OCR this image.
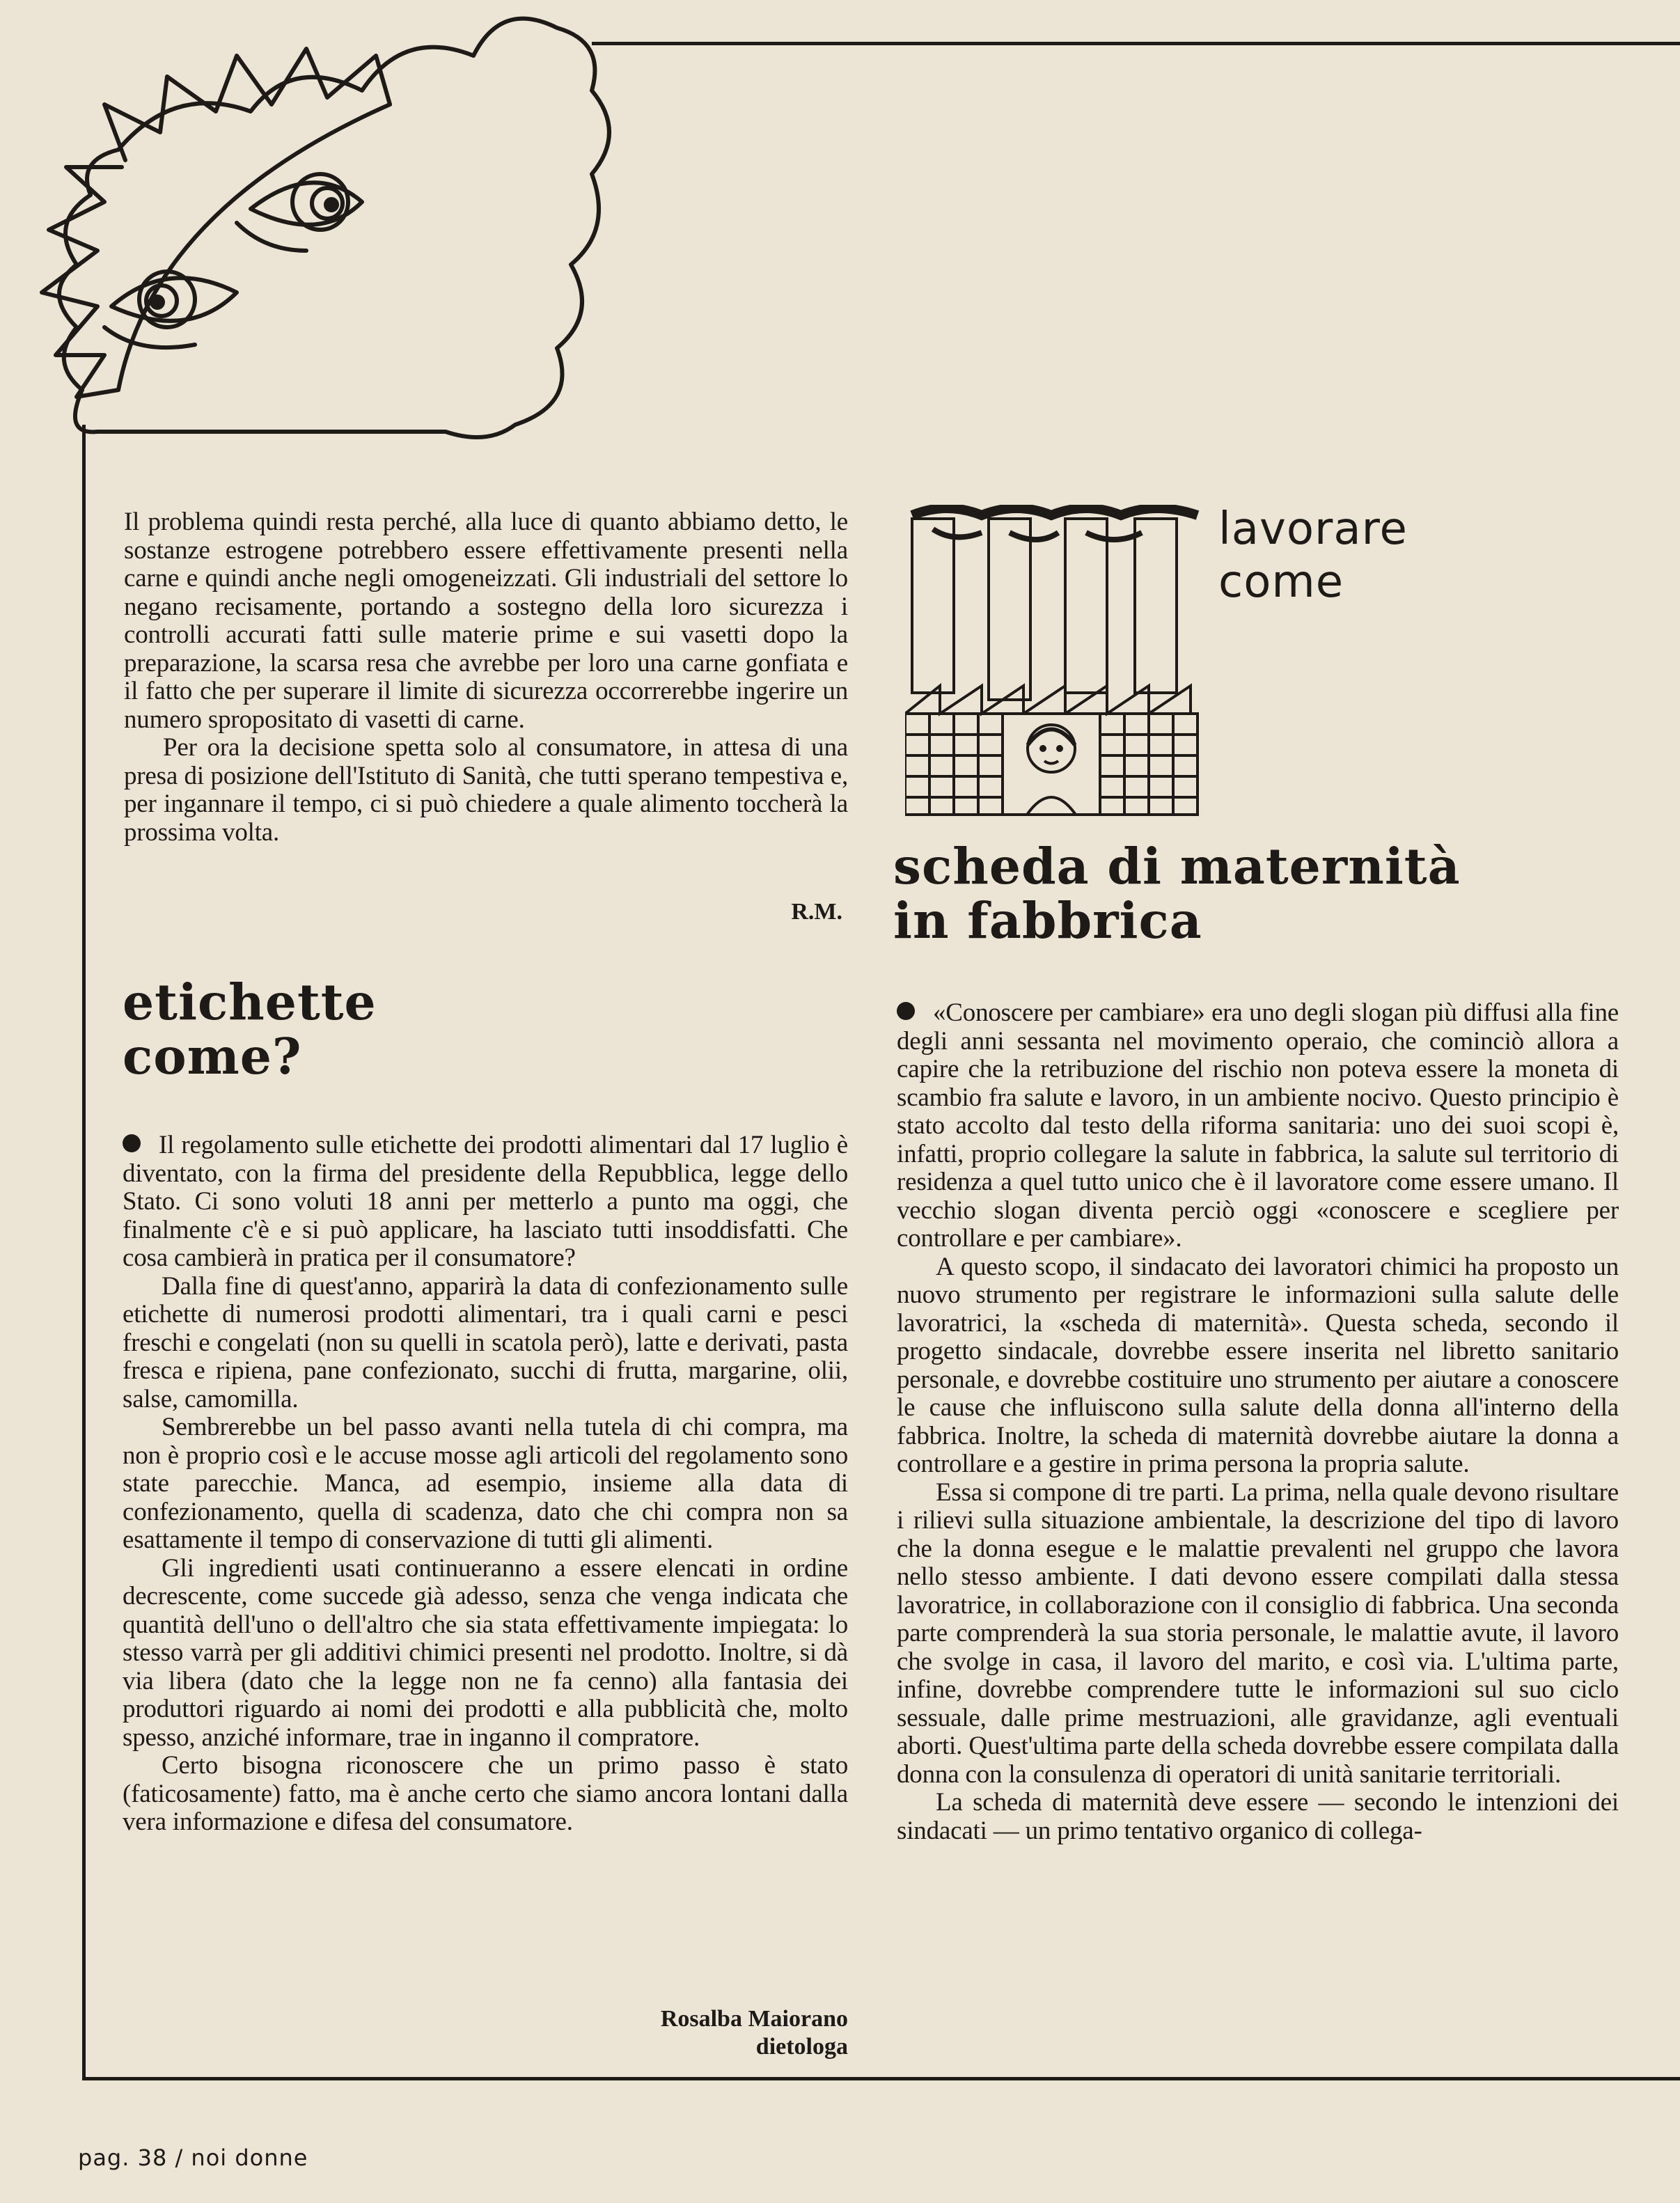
Il problema quindi resta perché, alla luce di quanto abbiamo detto, le sostanze estrogene potrebbero essere effettivamente presenti nella carne e quindi anche negli omogeneizzati. Gli industriali del settore lo negano recisamente, portando a sostegno della loro sicurezza i controlli accurati fatti sulle materie prime e sui vasetti dopo la preparazione, la scarsa resa che avrebbe per loro una carne gonfiata e il fatto che per superare il limite di sicurezza occorrerebbe ingerire un numero spropositato di vasetti di carne.

Per ora la decisione spetta solo al consumatore, in attesa di una presa di posizione dell'Istituto di Sanità, che tutti sperano tempestiva e, per ingannare il tempo, ci si può chiedere a quale alimento toccherà la prossima volta.

R.M.
etichette
come?

Il regolamento sulle etichette dei prodotti alimentari dal 17 luglio è diventato, con la firma del presidente della Repubblica, legge dello Stato. Ci sono voluti 18 anni per metterlo a punto ma oggi, che finalmente c'è e si può applicare, ha lasciato tutti insoddisfatti. Che cosa cambierà in pratica per il consumatore?

Dalla fine di quest'anno, apparirà la data di confezionamento sulle etichette di numerosi prodotti alimentari, tra i quali carni e pesci freschi e congelati (non su quelli in scatola però), latte e derivati, pasta fresca e ripiena, pane confezionato, succhi di frutta, margarine, olii, salse, camomilla.

Sembrerebbe un bel passo avanti nella tutela di chi compra, ma non è proprio così e le accuse mosse agli articoli del regolamento sono state parecchie. Manca, ad esempio, insieme alla data di confezionamento, quella di scadenza, dato che chi compra non sa esattamente il tempo di conservazione di tutti gli alimenti.

Gli ingredienti usati continueranno a essere elencati in ordine decrescente, come succede già adesso, senza che venga indicata che quantità dell'uno o dell'altro che sia stata effettivamente impiegata: lo stesso varrà per gli additivi chimici presenti nel prodotto. Inoltre, si dà via libera (dato che la legge non ne fa cenno) alla fantasia dei produttori riguardo ai nomi dei prodotti e alla pubblicità che, molto spesso, anziché informare, trae in inganno il compratore.

Certo bisogna riconoscere che un primo passo è stato (faticosamente) fatto, ma è anche certo che siamo ancora lontani dalla vera informazione e difesa del consumatore.

Rosalba Maiorano
dietologa
lavorare
come
scheda di maternità
in fabbrica

«Conoscere per cambiare» era uno degli slogan più diffusi alla fine degli anni sessanta nel movimento operaio, che cominciò allora a capire che la retribuzione del rischio non poteva essere la moneta di scambio fra salute e lavoro, in un ambiente nocivo. Questo principio è stato accolto dal testo della riforma sanitaria: uno dei suoi scopi è, infatti, proprio collegare la salute in fabbrica, la salute sul territorio di residenza a quel tutto unico che è il lavoratore come essere umano. Il vecchio slogan diventa perciò oggi «conoscere e scegliere per controllare e per cambiare».

A questo scopo, il sindacato dei lavoratori chimici ha proposto un nuovo strumento per registrare le informazioni sulla salute delle lavoratrici, la «scheda di maternità». Questa scheda, secondo il progetto sindacale, dovrebbe essere inserita nel libretto sanitario personale, e dovrebbe costituire uno strumento per aiutare a conoscere le cause che influiscono sulla salute della donna all'interno della fabbrica. Inoltre, la scheda di maternità dovrebbe aiutare la donna a controllare e a gestire in prima persona la propria salute.

Essa si compone di tre parti. La prima, nella quale devono risultare i rilievi sulla situazione ambientale, la descrizione del tipo di lavoro che la donna esegue e le malattie prevalenti nel gruppo che lavora nello stesso ambiente. I dati devono essere compilati dalla stessa lavoratrice, in collaborazione con il consiglio di fabbrica. Una seconda parte comprenderà la sua storia personale, le malattie avute, il lavoro che svolge in casa, il lavoro del marito, e così via. L'ultima parte, infine, dovrebbe comprendere tutte le informazioni sul suo ciclo sessuale, dalle prime mestruazioni, alle gravidanze, agli eventuali aborti. Quest'ultima parte della scheda dovrebbe essere compilata dalla donna con la consulenza di operatori di unità sanitarie territoriali.

La scheda di maternità deve essere — secondo le intenzioni dei sindacati — un primo tentativo organico di collega-

pag. 38 / noi donne
